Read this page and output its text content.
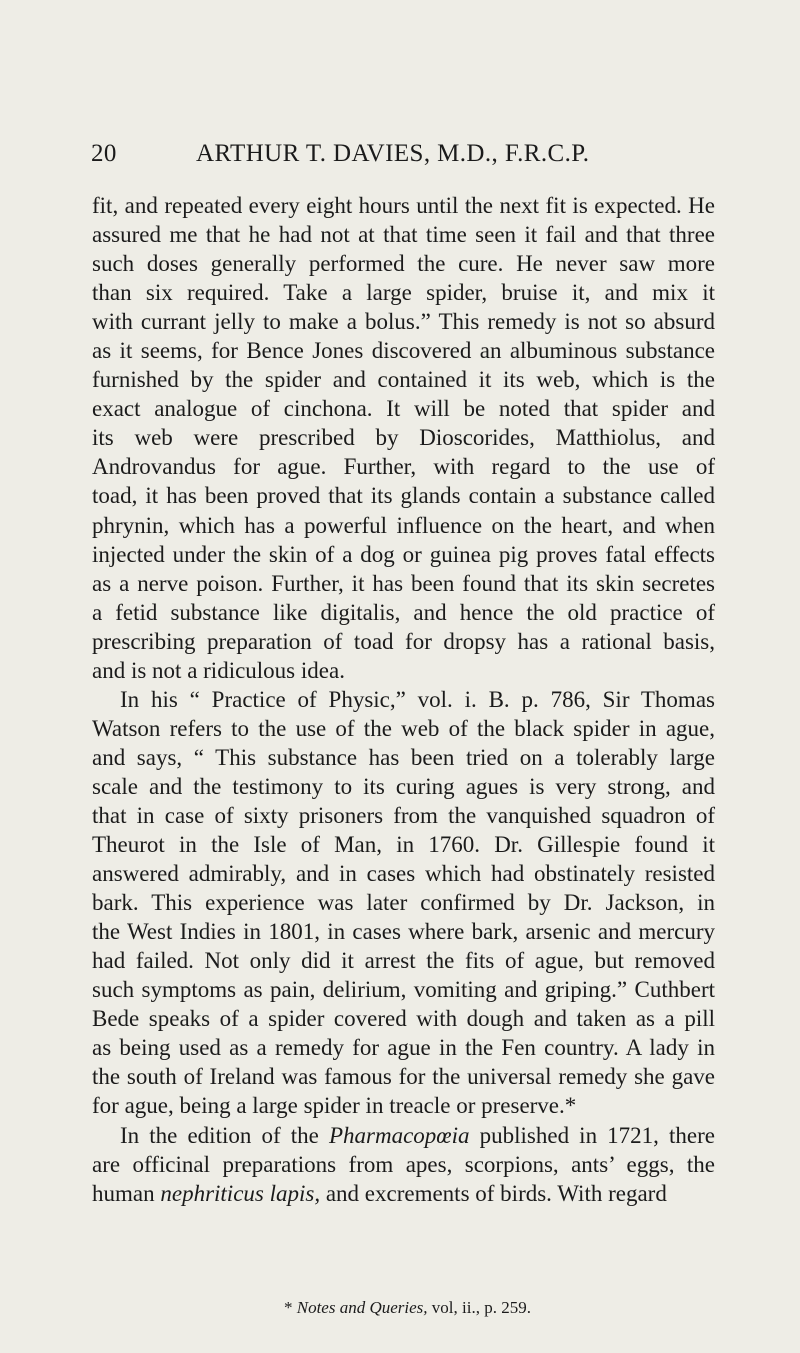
20	ARTHUR T. DAVIES, M.D., F.R.C.P.
fit, and repeated every eight hours until the next fit is expected. He
assured me that he had not at that time seen it fail and that three
such doses generally performed the cure. He never saw more
than six required. Take a large spider, bruise it, and mix it
with currant jelly to make a bolus.” This remedy is not so absurd
as it seems, for Bence Jones discovered an albuminous substance
furnished by the spider and contained it its web, which is the
exact analogue of cinchona. It will be noted that spider and
its web were prescribed by Dioscorides, Matthiolus, and
Androvandus for ague. Further, with regard to the use of
toad, it has been proved that its glands contain a substance called
phrynin, which has a powerful influence on the heart, and when
injected under the skin of a dog or guinea pig proves fatal effects
as a nerve poison. Further, it has been found that its skin secretes
a fetid substance like digitalis, and hence the old practice of
prescribing preparation of toad for dropsy has a rational basis,
and is not a ridiculous idea.
In his “ Practice of Physic,” vol. i. B. p. 786, Sir Thomas
Watson refers to the use of the web of the black spider in ague,
and says, “ This substance has been tried on a tolerably large
scale and the testimony to its curing agues is very strong, and
that in case of sixty prisoners from the vanquished squadron of
Theurot in the Isle of Man, in 1760. Dr. Gillespie found it
answered admirably, and in cases which had obstinately resisted
bark. This experience was later confirmed by Dr. Jackson, in
the West Indies in 1801, in cases where bark, arsenic and mercury
had failed. Not only did it arrest the fits of ague, but removed
such symptoms as pain, delirium, vomiting and griping.” Cuthbert
Bede speaks of a spider covered with dough and taken as a pill
as being used as a remedy for ague in the Fen country. A lady in
the south of Ireland was famous for the universal remedy she gave
for ague, being a large spider in treacle or preserve.*
In the edition of the Pharmacopœia published in 1721, there
are officinal preparations from apes, scorpions, ants’ eggs, the
human nephriticus lapis, and excrements of birds. With regard
* Notes and Queries, vol, ii., p. 259.
